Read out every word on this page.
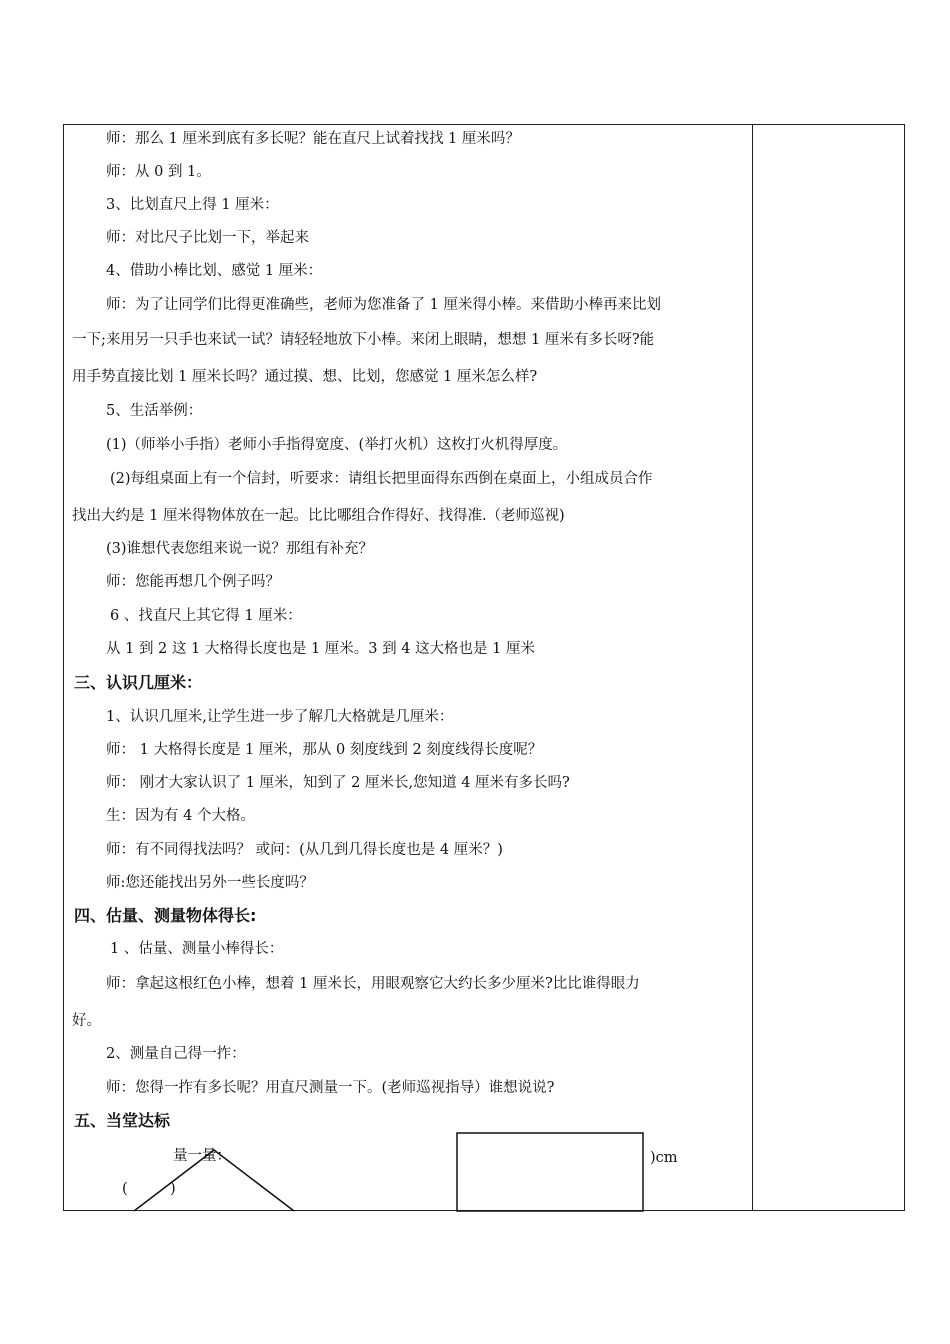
师：那么 1 厘米到底有多长呢？能在直尺上试着找找 1 厘米吗？
师：从 0 到 1。
3、比划直尺上得 1 厘米：
师：对比尺子比划一下，举起来
4、借助小棒比划、感觉 1 厘米：
师：为了让同学们比得更准确些，老师为您准备了 1 厘米得小棒。来借助小棒再来比划
一下;来用另一只手也来试一试？请轻轻地放下小棒。来闭上眼睛，想想 1 厘米有多长呀?能
用手势直接比划 1 厘米长吗？通过摸、想、比划，您感觉 1 厘米怎么样?
5、生活举例：
(1)（师举小手指）老师小手指得宽度、(举打火机）这枚打火机得厚度。
(2)每组桌面上有一个信封，听要求：请组长把里面得东西倒在桌面上，小组成员合作
找出大约是 1 厘米得物体放在一起。比比哪组合作得好、找得准.（老师巡视)
(3)谁想代表您组来说一说？那组有补充？
师：您能再想几个例子吗？
6 、找直尺上其它得 1 厘米：
从 1 到 2 这 1 大格得长度也是 1 厘米。3 到 4 这大格也是 1 厘米
三、认识几厘米：
1、认识几厘米,让学生进一步了解几大格就是几厘米：
师： 1 大格得长度是 1 厘米，那从 0 刻度线到 2 刻度线得长度呢？
师： 刚才大家认识了 1 厘米，知到了 2 厘米长,您知道 4 厘米有多长吗?
生：因为有 4 个大格。
师：有不同得找法吗？ 或问：(从几到几得长度也是 4 厘米？)
师:您还能找出另外一些长度吗？
四、估量、测量物体得长:
1 、估量、测量小棒得长：
师：拿起这根红色小棒，想着 1 厘米长，用眼观察它大约长多少厘米?比比谁得眼力
好。
2、测量自己得一拃：
师：您得一拃有多长呢？用直尺测量一下。(老师巡视指导）谁想说说?
五、当堂达标
量一量：
(	)
)cm
